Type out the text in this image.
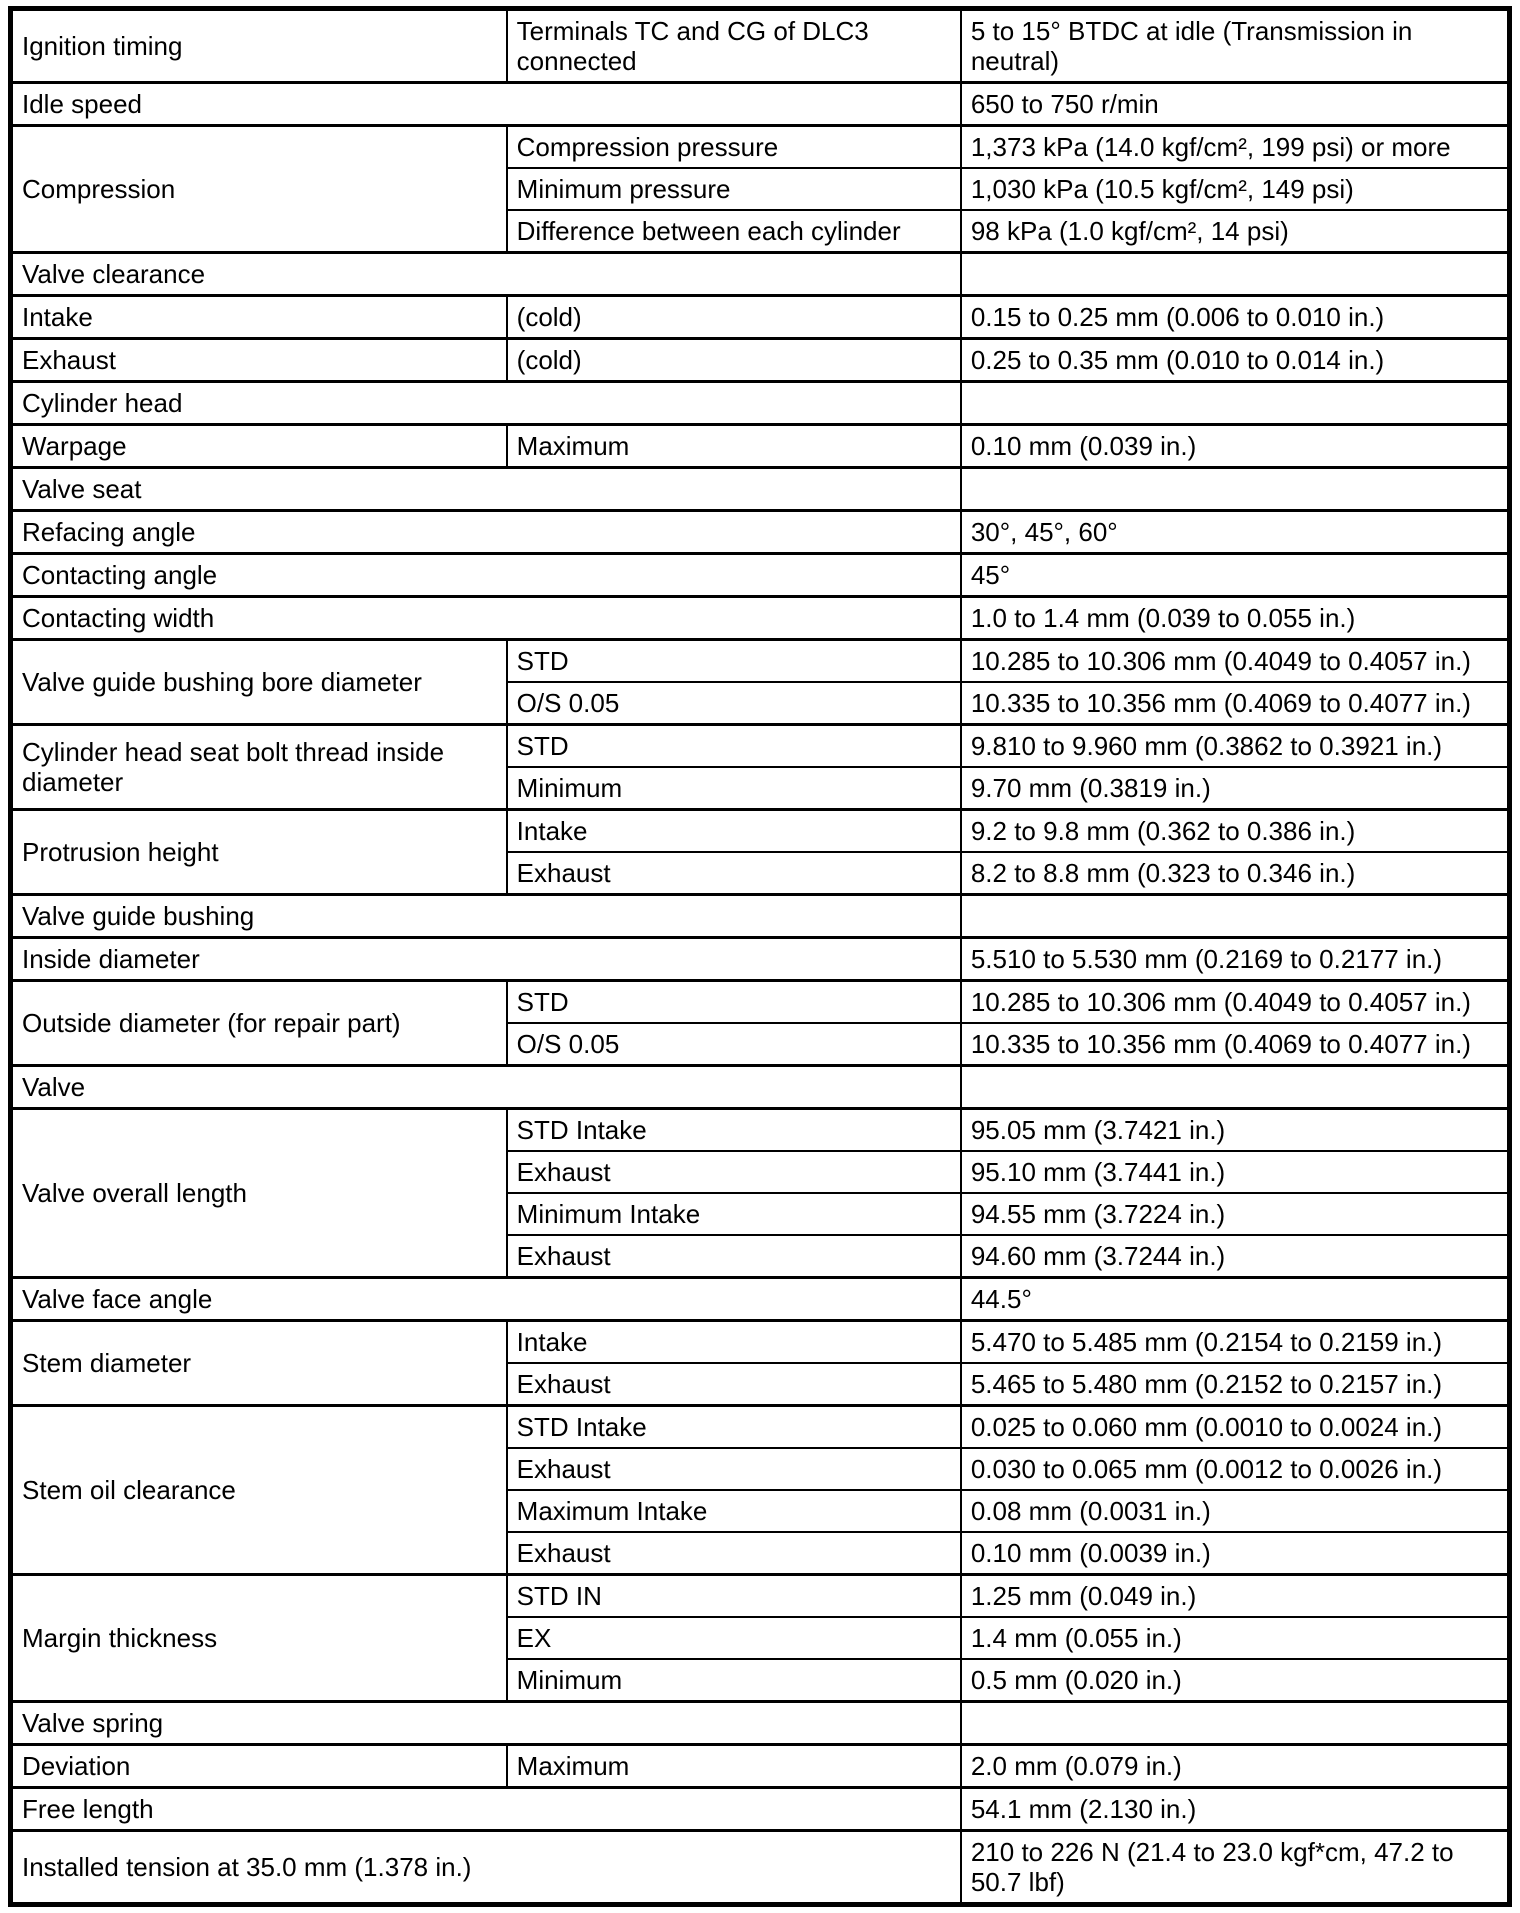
Ignition timing	Terminals TC and CG of DLC3 connected	5 to 15° BTDC at idle (Transmission in neutral)
Idle speed		650 to 750 r/min
Compression	Compression pressure	1,373 kPa (14.0 kgf/cm², 199 psi) or more
	Minimum pressure	1,030 kPa (10.5 kgf/cm², 149 psi)
	Difference between each cylinder	98 kPa (1.0 kgf/cm², 14 psi)
Valve clearance		
Intake	(cold)	0.15 to 0.25 mm (0.006 to 0.010 in.)
Exhaust	(cold)	0.25 to 0.35 mm (0.010 to 0.014 in.)
Cylinder head		
Warpage	Maximum	0.10 mm (0.039 in.)
Valve seat		
Refacing angle		30°, 45°, 60°
Contacting angle		45°
Contacting width		1.0 to 1.4 mm (0.039 to 0.055 in.)
Valve guide bushing bore diameter	STD	10.285 to 10.306 mm (0.4049 to 0.4057 in.)
	O/S 0.05	10.335 to 10.356 mm (0.4069 to 0.4077 in.)
Cylinder head seat bolt thread inside diameter	STD	9.810 to 9.960 mm (0.3862 to 0.3921 in.)
	Minimum	9.70 mm (0.3819 in.)
Protrusion height	Intake	9.2 to 9.8 mm (0.362 to 0.386 in.)
	Exhaust	8.2 to 8.8 mm (0.323 to 0.346 in.)
Valve guide bushing		
Inside diameter		5.510 to 5.530 mm (0.2169 to 0.2177 in.)
Outside diameter (for repair part)	STD	10.285 to 10.306 mm (0.4049 to 0.4057 in.)
	O/S 0.05	10.335 to 10.356 mm (0.4069 to 0.4077 in.)
Valve		
Valve overall length	STD Intake	95.05 mm (3.7421 in.)
	Exhaust	95.10 mm (3.7441 in.)
	Minimum Intake	94.55 mm (3.7224 in.)
	Exhaust	94.60 mm (3.7244 in.)
Valve face angle		44.5°
Stem diameter	Intake	5.470 to 5.485 mm (0.2154 to 0.2159 in.)
	Exhaust	5.465 to 5.480 mm (0.2152 to 0.2157 in.)
Stem oil clearance	STD Intake	0.025 to 0.060 mm (0.0010 to 0.0024 in.)
	Exhaust	0.030 to 0.065 mm (0.0012 to 0.0026 in.)
	Maximum Intake	0.08 mm (0.0031 in.)
	Exhaust	0.10 mm (0.0039 in.)
Margin thickness	STD IN	1.25 mm (0.049 in.)
	EX	1.4 mm (0.055 in.)
	Minimum	0.5 mm (0.020 in.)
Valve spring		
Deviation	Maximum	2.0 mm (0.079 in.)
Free length		54.1 mm (2.130 in.)
Installed tension at 35.0 mm (1.378 in.)		210 to 226 N (21.4 to 23.0 kgf*cm, 47.2 to 50.7 lbf)
